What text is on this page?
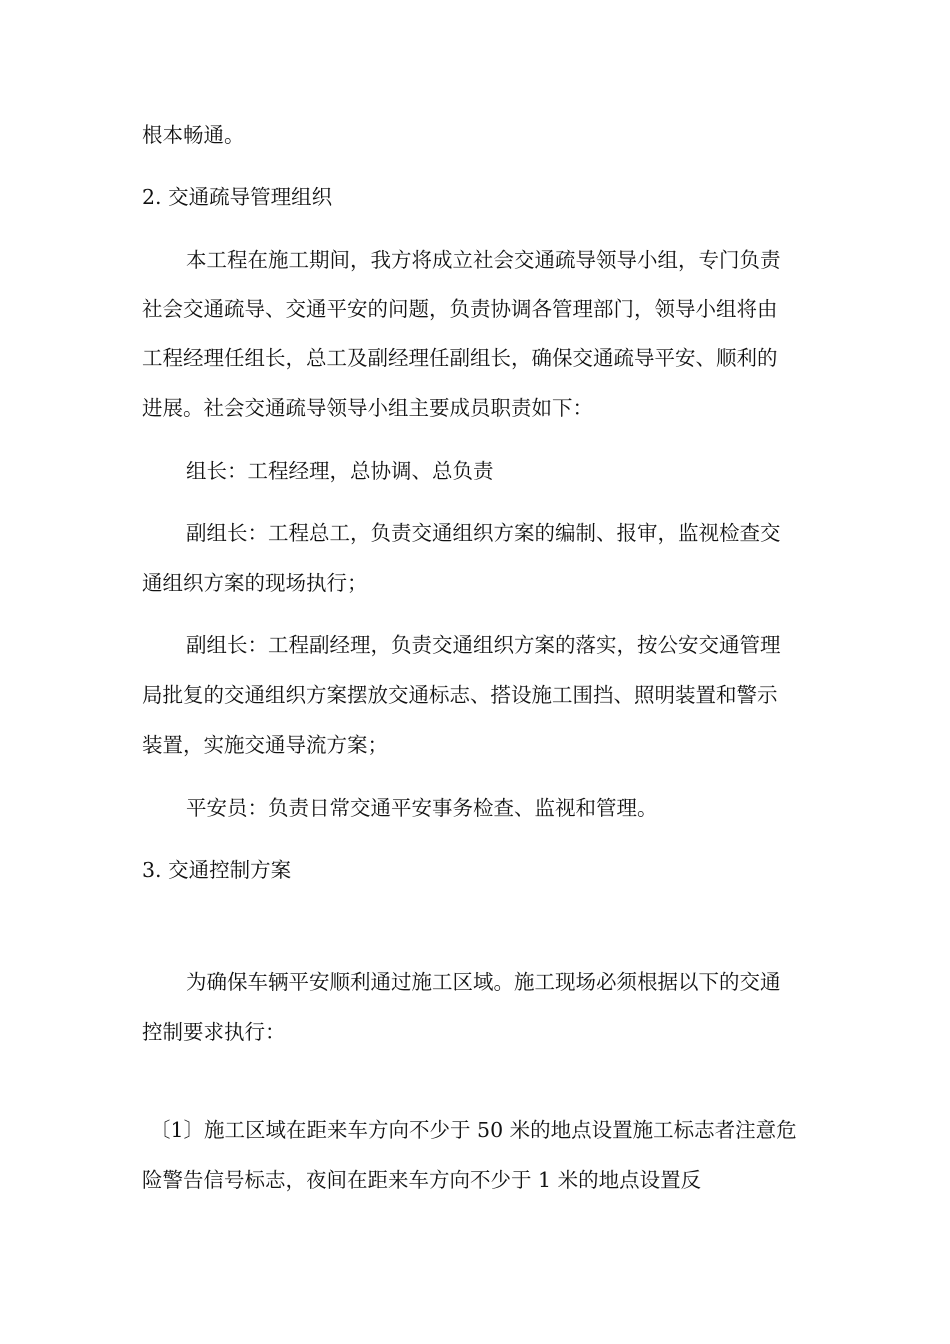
根本畅通。
2. 交通疏导管理组织
本工程在施工期间，我方将成立社会交通疏导领导小组，专门负责
社会交通疏导、交通平安的问题，负责协调各管理部门，领导小组将由
工程经理任组长，总工及副经理任副组长，确保交通疏导平安、顺利的
进展。社会交通疏导领导小组主要成员职责如下：
组长：工程经理，总协调、总负责
副组长：工程总工，负责交通组织方案的编制、报审，监视检查交
通组织方案的现场执行；
副组长：工程副经理，负责交通组织方案的落实，按公安交通管理
局批复的交通组织方案摆放交通标志、搭设施工围挡、照明装置和警示
装置，实施交通导流方案；
平安员：负责日常交通平安事务检查、监视和管理。
3. 交通控制方案
为确保车辆平安顺利通过施工区域。施工现场必须根据以下的交通
控制要求执行：
〔1〕施工区域在距来车方向不少于 50 米的地点设置施工标志者注意危
险警告信号标志，夜间在距来车方向不少于 1 米的地点设置反
